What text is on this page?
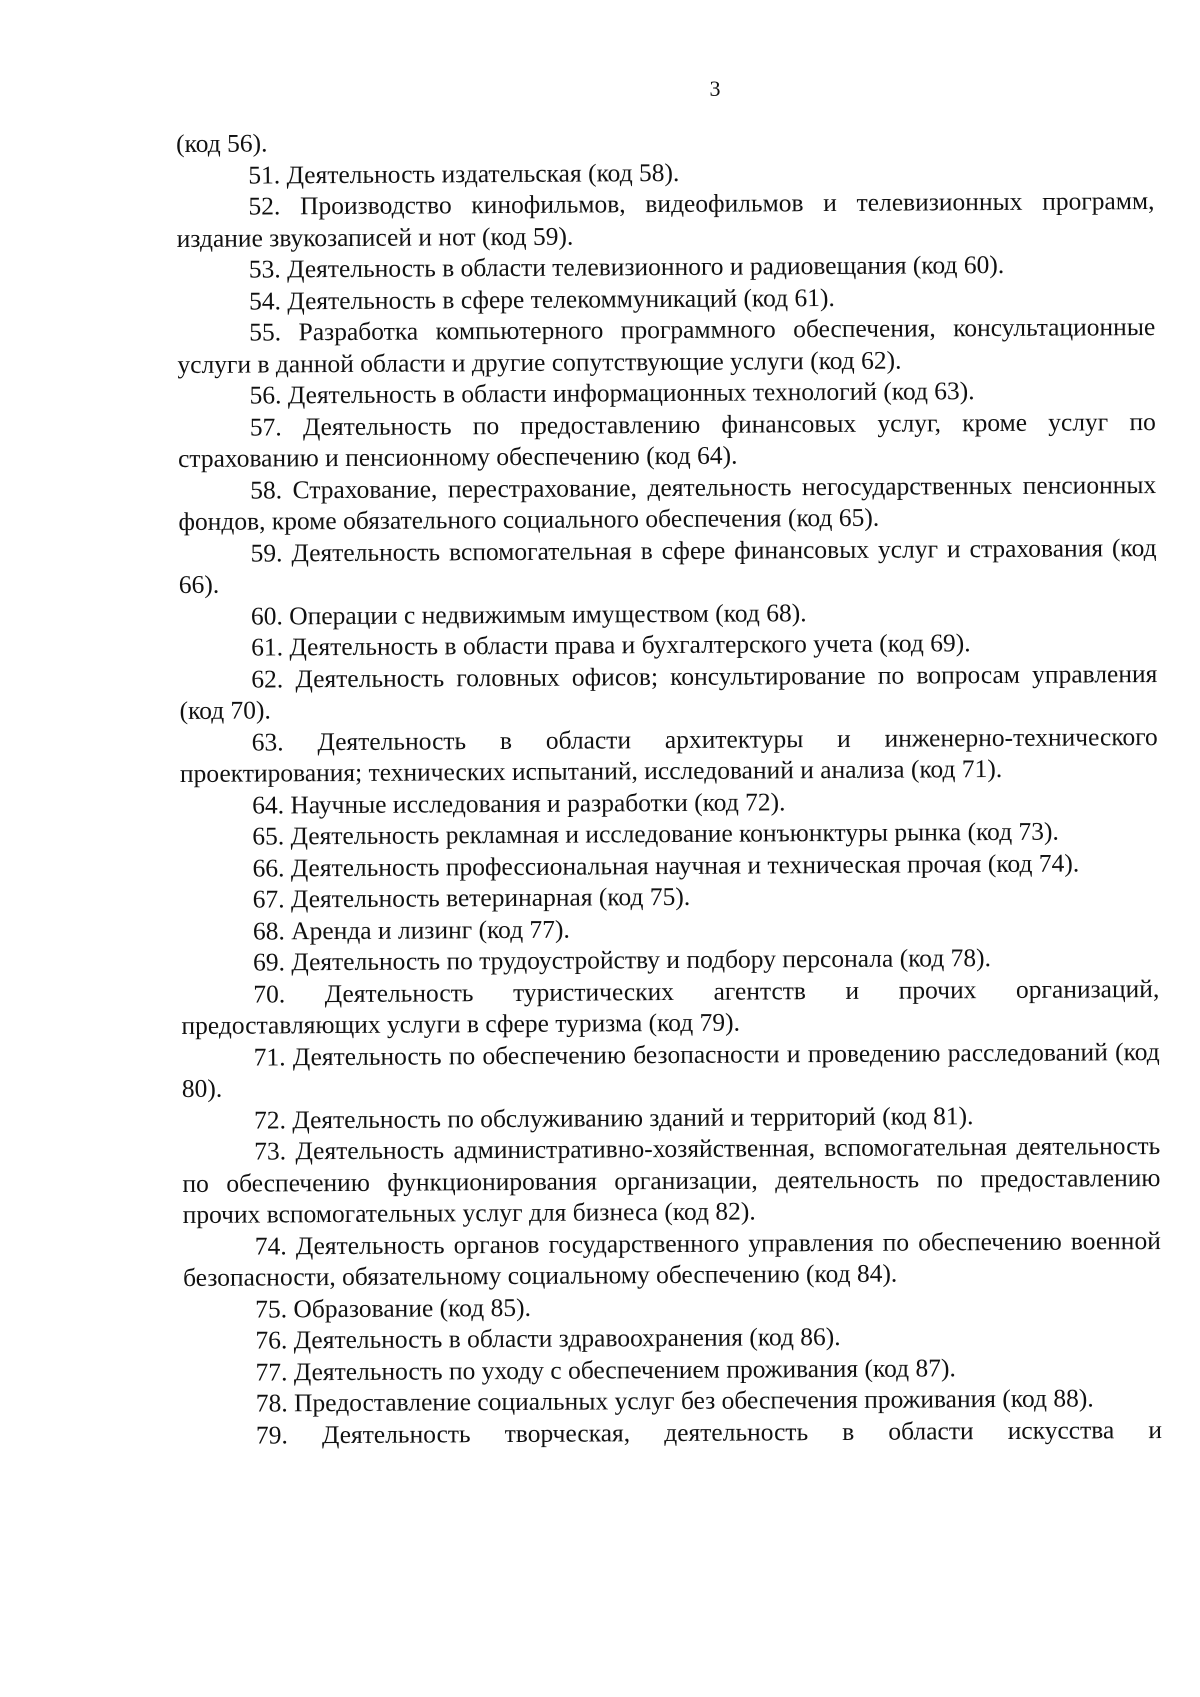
3

(код 56).

51. Деятельность издательская (код 58).

52. Производство кинофильмов, видеофильмов и телевизионных программ, издание звукозаписей и нот (код 59).

53. Деятельность в области телевизионного и радиовещания (код 60).

54. Деятельность в сфере телекоммуникаций (код 61).

55. Разработка компьютерного программного обеспечения, консультационные услуги в данной области и другие сопутствующие услуги (код 62).

56. Деятельность в области информационных технологий (код 63).

57. Деятельность по предоставлению финансовых услуг, кроме услуг по страхованию и пенсионному обеспечению (код 64).

58. Страхование, перестрахование, деятельность негосударственных пенсионных фондов, кроме обязательного социального обеспечения (код 65).

59. Деятельность вспомогательная в сфере финансовых услуг и страхования (код 66).

60. Операции с недвижимым имуществом (код 68).

61. Деятельность в области права и бухгалтерского учета (код 69).

62. Деятельность головных офисов; консультирование по вопросам управления (код 70).

63. Деятельность в области архитектуры и инженерно-технического проектирования; технических испытаний, исследований и анализа (код 71).

64. Научные исследования и разработки (код 72).

65. Деятельность рекламная и исследование конъюнктуры рынка (код 73).

66. Деятельность профессиональная научная и техническая прочая (код 74).

67. Деятельность ветеринарная (код 75).

68. Аренда и лизинг (код 77).

69. Деятельность по трудоустройству и подбору персонала (код 78).

70. Деятельность туристических агентств и прочих организаций, предоставляющих услуги в сфере туризма (код 79).

71. Деятельность по обеспечению безопасности и проведению расследований (код 80).

72. Деятельность по обслуживанию зданий и территорий (код 81).

73. Деятельность административно-хозяйственная, вспомогательная деятельность по обеспечению функционирования организации, деятельность по предоставлению прочих вспомогательных услуг для бизнеса (код 82).

74. Деятельность органов государственного управления по обеспечению военной безопасности, обязательному социальному обеспечению (код 84).

75. Образование (код 85).

76. Деятельность в области здравоохранения (код 86).

77. Деятельность по уходу с обеспечением проживания (код 87).

78. Предоставление социальных услуг без обеспечения проживания (код 88).

79. Деятельность творческая, деятельность в области искусства и
